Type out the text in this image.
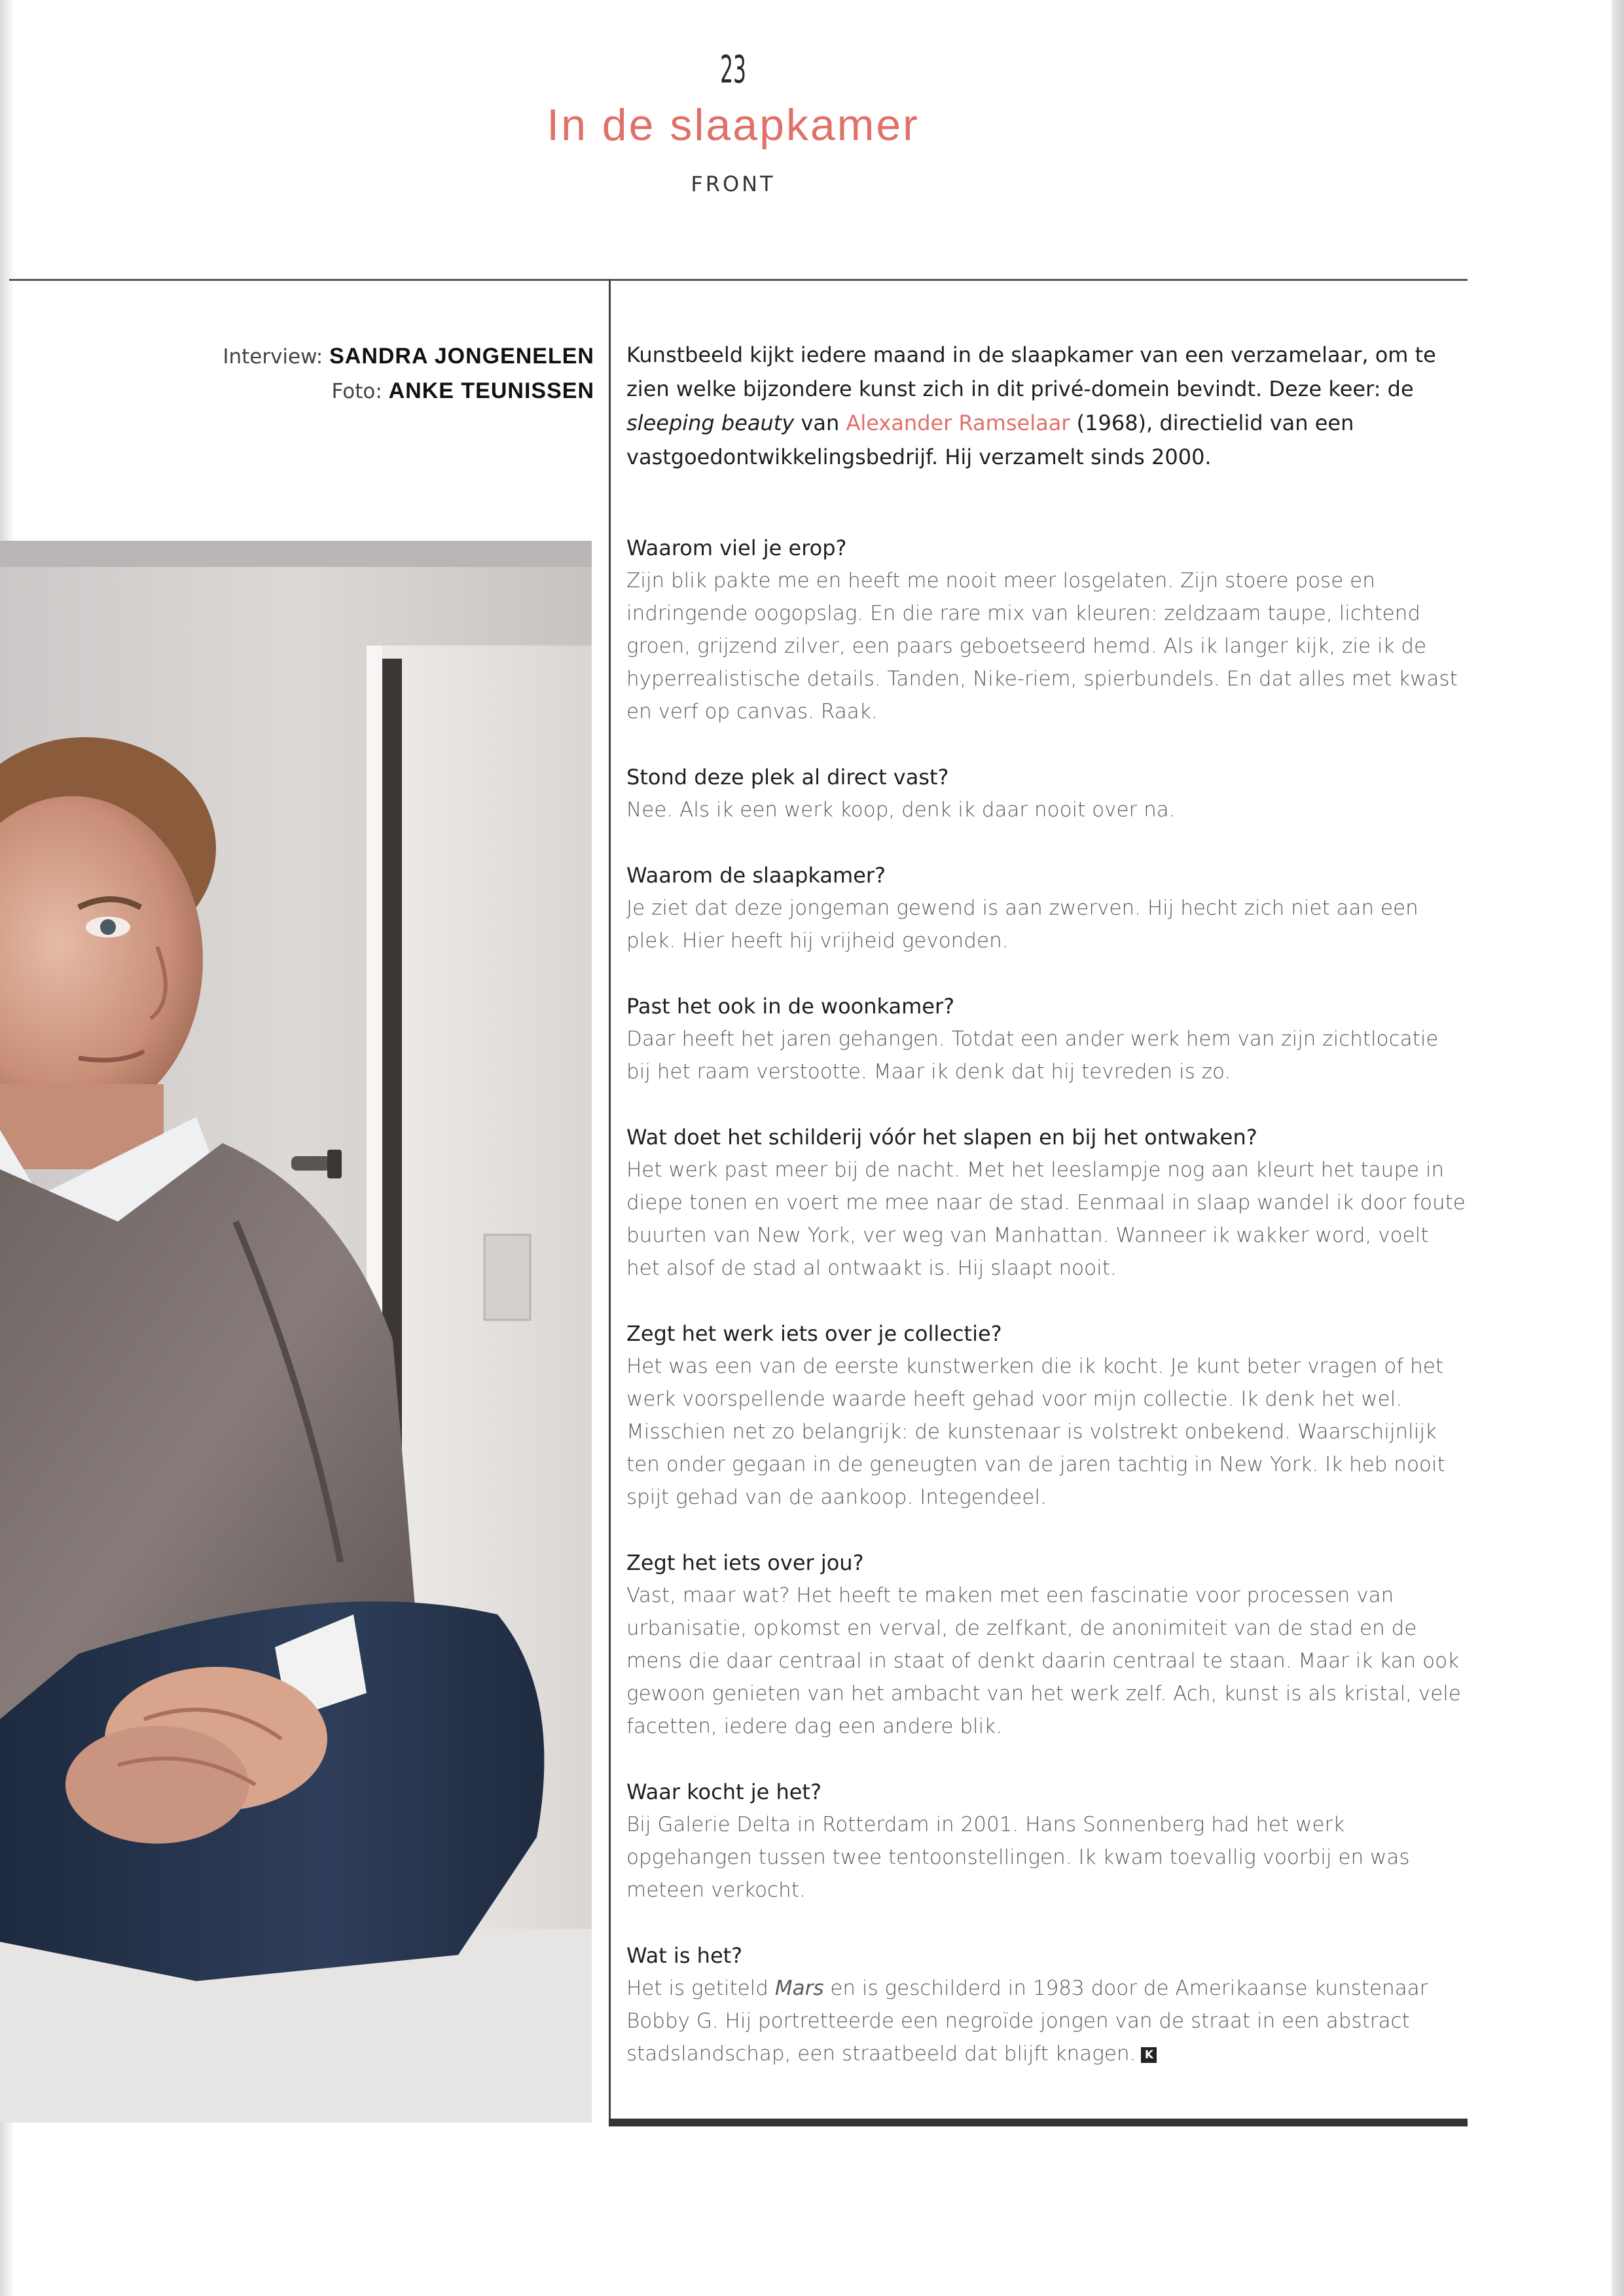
23
In de slaapkamer
FRONT
Interview: SANDRA JONGENELEN
Foto: ANKE TEUNISSEN
Kunstbeeld kijkt iedere maand in de slaapkamer van een verzamelaar, om te zien welke bijzondere kunst zich in dit privé-domein bevindt. Deze keer: de sleeping beauty van Alexander Ramselaar (1968), directielid van een vastgoedontwikkelingsbedrijf. Hij verzamelt sinds 2000.

Waarom viel je erop?

Zijn blik pakte me en heeft me nooit meer losgelaten. Zijn stoere pose en indringende oogopslag. En die rare mix van kleuren: zeldzaam taupe, lichtend groen, grijzend zilver, een paars geboetseerd hemd. Als ik langer kijk, zie ik de hyperrealistische details. Tanden, Nike-riem, spierbundels. En dat alles met kwast en verf op canvas. Raak.

Stond deze plek al direct vast?

Nee. Als ik een werk koop, denk ik daar nooit over na.

Waarom de slaapkamer?

Je ziet dat deze jongeman gewend is aan zwerven. Hij hecht zich niet aan een plek. Hier heeft hij vrijheid gevonden.

Past het ook in de woonkamer?

Daar heeft het jaren gehangen. Totdat een ander werk hem van zijn zichtlocatie bij het raam verstootte. Maar ik denk dat hij tevreden is zo.

Wat doet het schilderij vóór het slapen en bij het ontwaken?

Het werk past meer bij de nacht. Met het leeslampje nog aan kleurt het taupe in diepe tonen en voert me mee naar de stad. Eenmaal in slaap wandel ik door foute buurten van New York, ver weg van Manhattan. Wanneer ik wakker word, voelt het alsof de stad al ontwaakt is. Hij slaapt nooit.

Zegt het werk iets over je collectie?

Het was een van de eerste kunstwerken die ik kocht. Je kunt beter vragen of het werk voorspellende waarde heeft gehad voor mijn collectie. Ik denk het wel. Misschien net zo belangrijk: de kunstenaar is volstrekt onbekend. Waarschijnlijk ten onder gegaan in de geneugten van de jaren tachtig in New York. Ik heb nooit spijt gehad van de aankoop. Integendeel.

Zegt het iets over jou?

Vast, maar wat? Het heeft te maken met een fascinatie voor processen van urbanisatie, opkomst en verval, de zelfkant, de anonimiteit van de stad en de mens die daar centraal in staat of denkt daarin centraal te staan. Maar ik kan ook gewoon genieten van het ambacht van het werk zelf. Ach, kunst is als kristal, vele facetten, iedere dag een andere blik.

Waar kocht je het?

Bij Galerie Delta in Rotterdam in 2001. Hans Sonnenberg had het werk opgehangen tussen twee tentoonstellingen. Ik kwam toevallig voorbij en was meteen verkocht.

Wat is het?

Het is getiteld Mars en is geschilderd in 1983 door de Amerikaanse kunstenaar Bobby G. Hij portretteerde een negroïde jongen van de straat in een abstract stadslandschap, een straatbeeld dat blijft knagen. K
